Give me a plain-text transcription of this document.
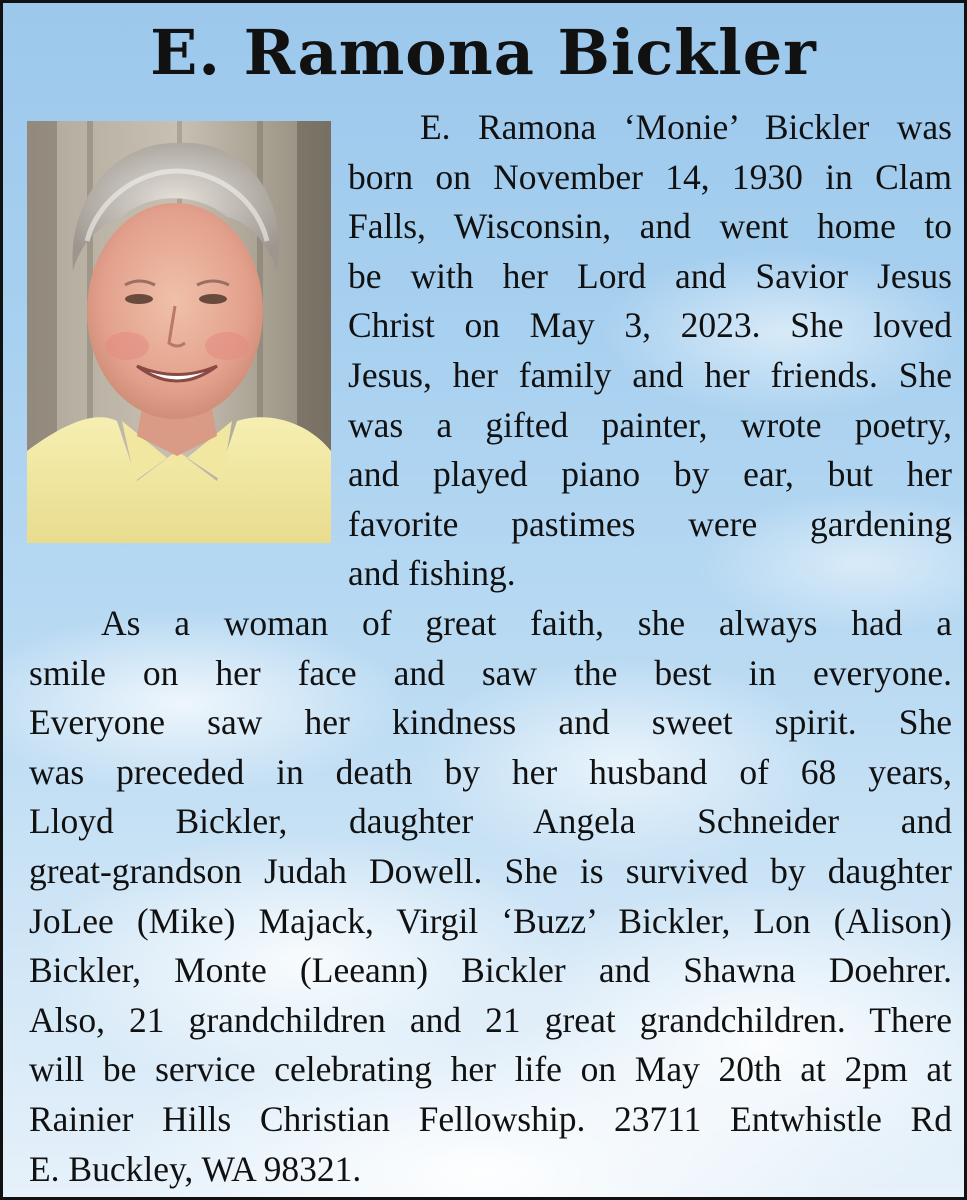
E. Ramona Bickler
E. Ramona ‘Monie’ Bickler was
born on November 14, 1930 in Clam
Falls, Wisconsin, and went home to
be with her Lord and Savior Jesus
Christ on May 3, 2023. She loved
Jesus, her family and her friends. She
was a gifted painter, wrote poetry,
and played piano by ear, but her
favorite pastimes were gardening
and fishing.
As a woman of great faith, she always had a
smile on her face and saw the best in everyone.
Everyone saw her kindness and sweet spirit. She
was preceded in death by her husband of 68 years,
Lloyd Bickler, daughter Angela Schneider and
great-grandson Judah Dowell. She is survived by daughter
JoLee (Mike) Majack, Virgil ‘Buzz’ Bickler, Lon (Alison)
Bickler, Monte (Leeann) Bickler and Shawna Doehrer.
Also, 21 grandchildren and 21 great grandchildren. There
will be service celebrating her life on May 20th at 2pm at
Rainier Hills Christian Fellowship. 23711 Entwhistle Rd
E. Buckley, WA 98321.
